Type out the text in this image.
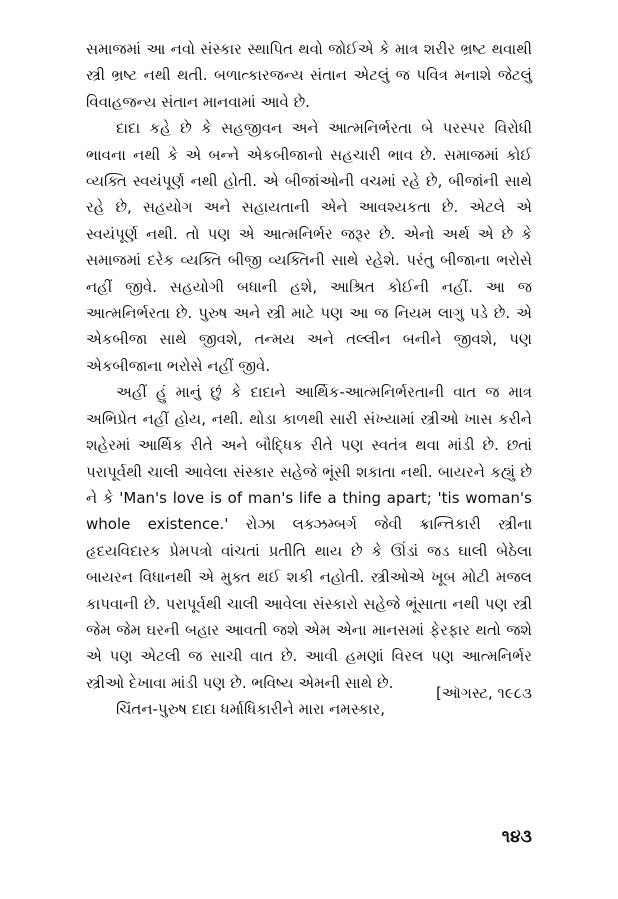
સમાજમાં આ નવો સંસ્કાર સ્થાપિત થવો જોઈએ કે માત્ર શરીર ભ્રષ્ટ થવાથી સ્ત્રી ભ્રષ્ટ નથી થતી. બળાત્કારજન્ય સંતાન એટલું જ પવિત્ર મનાશે જેટલું વિવાહજન્ય સંતાન માનવામાં આવે છે.

દાદા કહે છે કે સહજીવન અને આત્મનિર્ભરતા બે પરસ્પર વિરોધી ભાવના નથી કે એ બન્ને એકબીજાનો સહચારી ભાવ છે. સમાજમાં કોઈ વ્યક્તિ સ્વયંપૂર્ણ નથી હોતી. એ બીજાંઓની વચમાં રહે છે, બીજાંની સાથે રહે છે, સહયોગ અને સહાયતાની એને આવશ્યકતા છે. એટલે એ સ્વયંપૂર્ણ નથી. તો પણ એ આત્મનિર્ભર જરૂર છે. એનો અર્થ એ છે કે સમાજમાં દરેક વ્યક્તિ બીજી વ્યક્તિની સાથે રહેશે. પરંતુ બીજાના ભરોસે નહીં જીવે. સહયોગી બધાની હશે, આશ્રિત કોઈની નહીં. આ જ આત્મનિર્ભરતા છે. પુરુષ અને સ્ત્રી માટે પણ આ જ નિયમ લાગુ પડે છે. એ એકબીજા સાથે જીવશે, તન્મય અને તલ્લીન બનીને જીવશે, પણ એકબીજાના ભરોસે નહીં જીવે.

અહીં હું માનું છું કે દાદાને આર્થિક-આત્મનિર્ભરતાની વાત જ માત્ર અભિપ્રેત નહીં હોય, નથી. થોડા કાળથી સારી સંખ્યામાં સ્ત્રીઓ ખાસ કરીને શહેરમાં આર્થિક રીતે અને બૌદ્ધિક રીતે પણ સ્વતંત્ર થવા માંડી છે. છતાં પરાપૂર્વથી ચાલી આવેલા સંસ્કાર સહેજે ભૂંસી શકાતા નથી. બાયરને કહ્યું છે ને કે 'Man's love is of man's life a thing apart; 'tis woman's whole existence.' રોઝા લક્ઝમ્બર્ગ જેવી ક્રાન્તિકારી સ્ત્રીના હૃદયવિદારક પ્રેમપત્રો વાંચતાં પ્રતીતિ થાય છે કે ઊંડાં જડ ઘાલી બેઠેલા બાયરન વિધાનથી એ મુક્ત થઈ શકી નહોતી. સ્ત્રીઓએ ખૂબ મોટી મજલ કાપવાની છે. પરાપૂર્વથી ચાલી આવેલા સંસ્કારો સહેજે ભૂંસાતા નથી પણ સ્ત્રી જેમ જેમ ઘરની બહાર આવતી જશે એમ એના માનસમાં ફેરફાર થતો જશે એ પણ એટલી જ સાચી વાત છે. આવી હમણાં વિરલ પણ આત્મનિર્ભર સ્ત્રીઓ દેખાવા માંડી પણ છે. ભવિષ્ય એમની સાથે છે.

ચિંતન-પુરુષ દાદા ધર્માધિકારીને મારા નમસ્કાર,

[ઑગસ્ટ, ૧૯૮૩

૧૪૩
